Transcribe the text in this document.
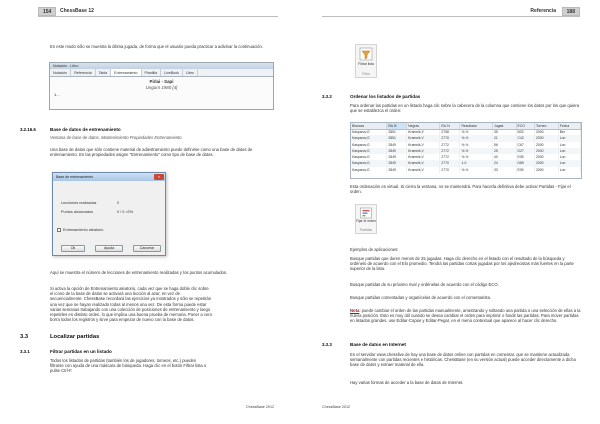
154	ChessBase 12
En este modo sólo se muestra la última jugada, de forma que el usuario pueda practicar a adivinar la continuación.
Notación - Libro
Notación	Referencia	Tabla	Entrenamiento	Plantilla	LiveBook	Libro
Pirlai - Sapi
Ungarn 1980 [4]
1...
3.2.16.6	Base de datos de entrenamiento
Ventana de base de datos, Mantenimiento Propiedades Entrenamiento
Una base de datos que sólo contiene material de adiestramiento puede definirse como una base de datos de entrenamiento. En las propiedades asigne "Entrenamiento" como tipo de base de datos.
Base de entrenamiento	×
Lecciones realizadas	0
Puntos alcanzados	0 / 0 =0%
Entrenamiento aleatorio
Ok	Ayuda	Cancelar
Aquí se muestra el número de lecciones de entrenamiento realizadas y los puntos acumulados.
Si activa la opción de Entrenamiento aleatorio, cada vez que se haga doble clic sobre
el icono de la base de datos se activará una lección al azar, en vez de
secuencialmente. ChessBase recordará las ejercicios ya mostrados y sólo se repetirán
una vez que se hayan realizado todas al menos una vez. De esta forma puede estar
varias semanas trabajando con una colección de posiciones de entrenamiento y luego
repetirles en distinto orden, lo que implica una buena prueba de memoria. Poner a cero
borra todos los registros y sirve para empezar de nuevo con la base de datos.
3.3	Localizar partidas
3.3.1	Filtrar partidas en un listado
Todos los listados de partidas (también los de jugadores, torneos, etc.) pueden
filtrarse con ayuda de una máscara de búsqueda. Haga clic en el botón Filtrar lista o
pulse Ctrl-F.
ChessBase 2012
Referencia	188
Filtrar lista
Filtro
3.3.2	Ordenar los listados de partidas
Para ordenar las partidas en un listado haga clic sobre la cabecera de la columna que contiene los datos por los que quiera que se establezca el orden:
Blancas	Elo B	Negras	Elo N	Resultado	Jugad.	ECO	Torneo	Fecha
Kasparov,G	2851	Kramnik,V	2758	½-½	35	B33	2000	Ber
Kasparov,G	2851	Kramnik,V	2770	½-½	21	C42	2000	Lon
Kasparov,G	2849	Kramnik,V	2772	½-½	56	C67	2000	Lon
Kasparov,G	2849	Kramnik,V	2772	½-½	25	D27	2000	Lon
Kasparov,G	2849	Kramnik,V	2772	½-½	40	E05	2000	Lon
Kasparov,G	2849	Kramnik,V	2770	1-0	24	D85	2000	Lon
Kasparov,G	2849	Kramnik,V	2770	½-½	33	E05	2000	Lon
Esta ordenación es virtual. Si cierra la ventana, no se mantendrá. Para hacerla definitiva debe activar Partidas - Fijar el orden.
Fijar el orden
Partidas
Ejemplos de aplicaciones:
Busque partidas que duren menos de 25 jugadas. Haga clic derecho en el listado con el resultado de la búsqueda y ordénelo de acuerdo con el Elo promedio. Tendrá las partidas cortas jugadas por los ajedrecistas más fuertes en la parte superior de la lista.
Busque partidas de su próximo rival y ordénelas de acuerdo con el código ECO.
Busque partidas comentadas y organícelas de acuerdo con el comentarista.
Nota: puede cambiar el orden de las partidas manualmente, arrastrando y soltando una partida o una selección de ellas a la nueva posición. Esto es muy útil cuando se desea cambiar el orden para imprimir o fundir las partidas. Para mover partidas en listados grandes, use Editar-Copiar y Editar-Pegar, en el menú contextual que aparece al hacer clic derecho.
3.3.3	Base de datos en Internet
En el servidor www.chesslive.de hay una base de datos online con partidas en comentar, que se mantiene actualizada semanalmente con partidas recientes e históricas. ChessBase (en su versión actual) puede acceder directamente a dicha base de datos y extraer material de ella.
Hay varias formas de acceder a la base de datos de Internet.
ChessBase 2012
